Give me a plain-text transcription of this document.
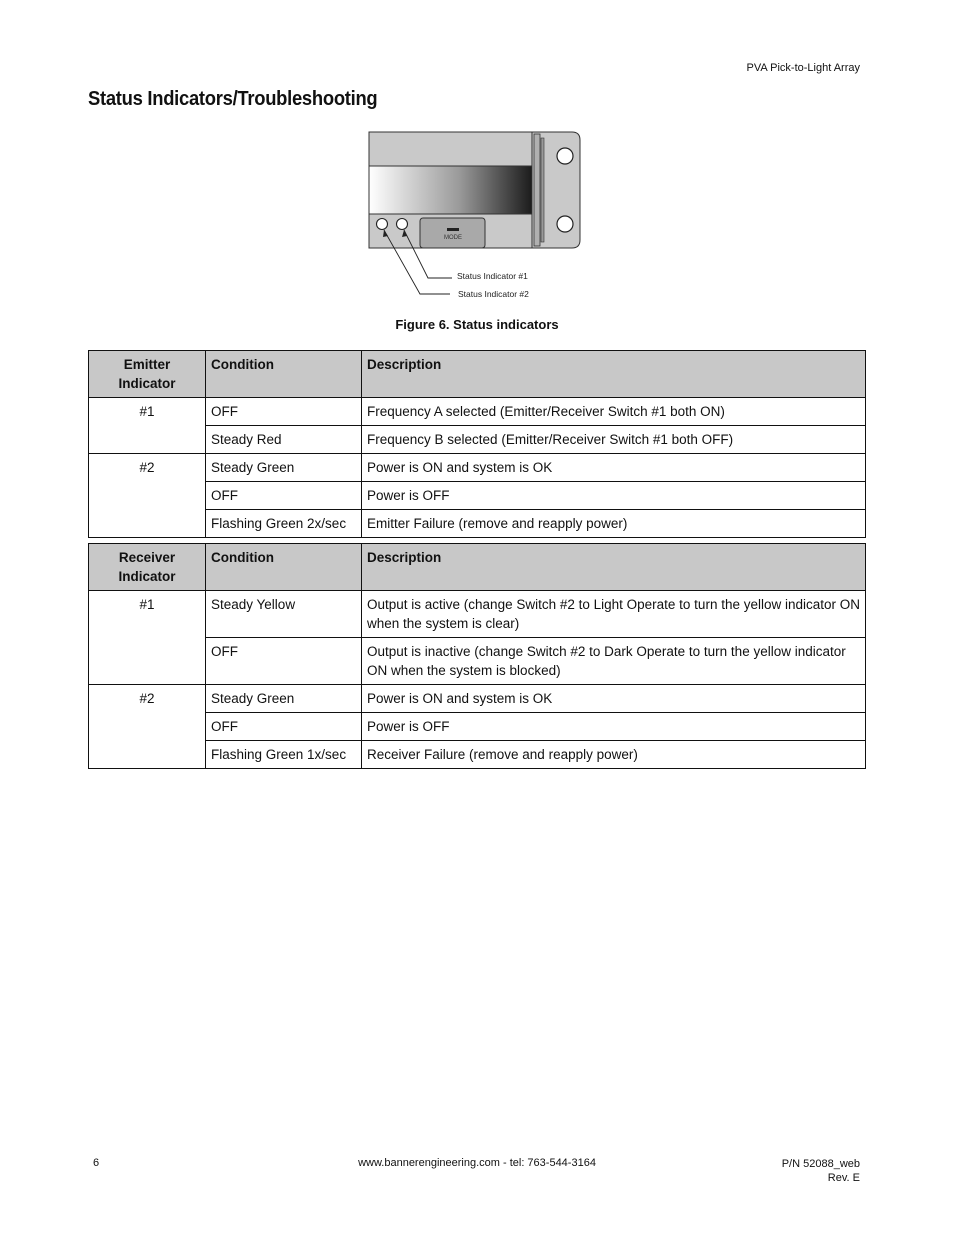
PVA Pick-to-Light Array
Status Indicators/Troubleshooting
MODE
Status Indicator #1
Status Indicator #2
Figure 6. Status indicators
Emitter Indicator	Condition	Description
#1	OFF	Frequency A selected (Emitter/Receiver Switch #1 both ON)
	Steady Red	Frequency B selected (Emitter/Receiver Switch #1 both OFF)
#2	Steady Green	Power is ON and system is OK
	OFF	Power is OFF
	Flashing Green 2x/sec	Emitter Failure (remove and reapply power)
Receiver Indicator	Condition	Description
#1	Steady Yellow	Output is active (change Switch #2 to Light Operate to turn the yellow indicator ON when the system is clear)
	OFF	Output is inactive (change Switch #2 to Dark Operate to turn the yellow indicator ON when the system is blocked)
#2	Steady Green	Power is ON and system is OK
	OFF	Power is OFF
	Flashing Green 1x/sec	Receiver Failure (remove and reapply power)
6	www.bannerengineering.com - tel: 763-544-3164	P/N 52088_web
Rev. E
